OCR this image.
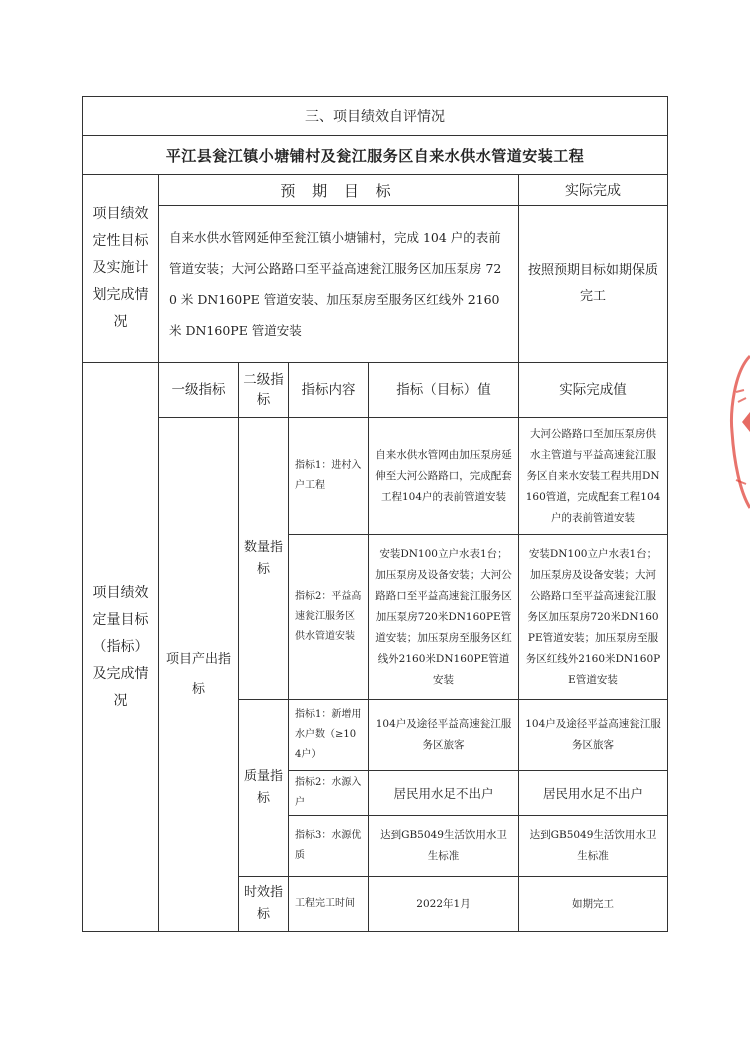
三、项目绩效自评情况					
平江县瓮江镇小塘铺村及瓮江服务区自来水供水管道安装工程					
项目绩效定性目标及实施计划完成情况	预 期 目 标				实际完成
	自来水供水管网延伸至瓮江镇小塘铺村，完成 104 户的表前管道安装；大河公路路口至平益高速瓮江服务区加压泵房 720 米 DN160PE 管道安装、加压泵房至服务区红线外 2160 米 DN160PE 管道安装				按照预期目标如期保质完工
项目绩效定量目标（指标）及完成情况	一级指标	二级指标	指标内容	指标（目标）值	实际完成值
	项目产出指标	数量指标	指标1：进村入户工程	自来水供水管网由加压泵房延伸至大河公路路口，完成配套工程104户的表前管道安装	大河公路路口至加压泵房供水主管道与平益高速瓮江服务区自来水安装工程共用DN160管道，完成配套工程104户的表前管道安装
			指标2：平益高速瓮江服务区供水管道安装	安装DN100立户水表1台；加压泵房及设备安装；大河公路路口至平益高速瓮江服务区加压泵房720米DN160PE管道安装；加压泵房至服务区红线外2160米DN160PE管道安装	安装DN100立户水表1台；加压泵房及设备安装；大河公路路口至平益高速瓮江服务区加压泵房720米DN160PE管道安装；加压泵房至服务区红线外2160米DN160PE管道安装
		质量指标	指标1：新增用水户数（≥104户）	104户及途径平益高速瓮江服务区旅客	104户及途径平益高速瓮江服务区旅客
			指标2：水源入户	居民用水足不出户	居民用水足不出户
			指标3：水源优质	达到GB5049生活饮用水卫生标准	达到GB5049生活饮用水卫生标准
		时效指标	工程完工时间	2022年1月	如期完工
